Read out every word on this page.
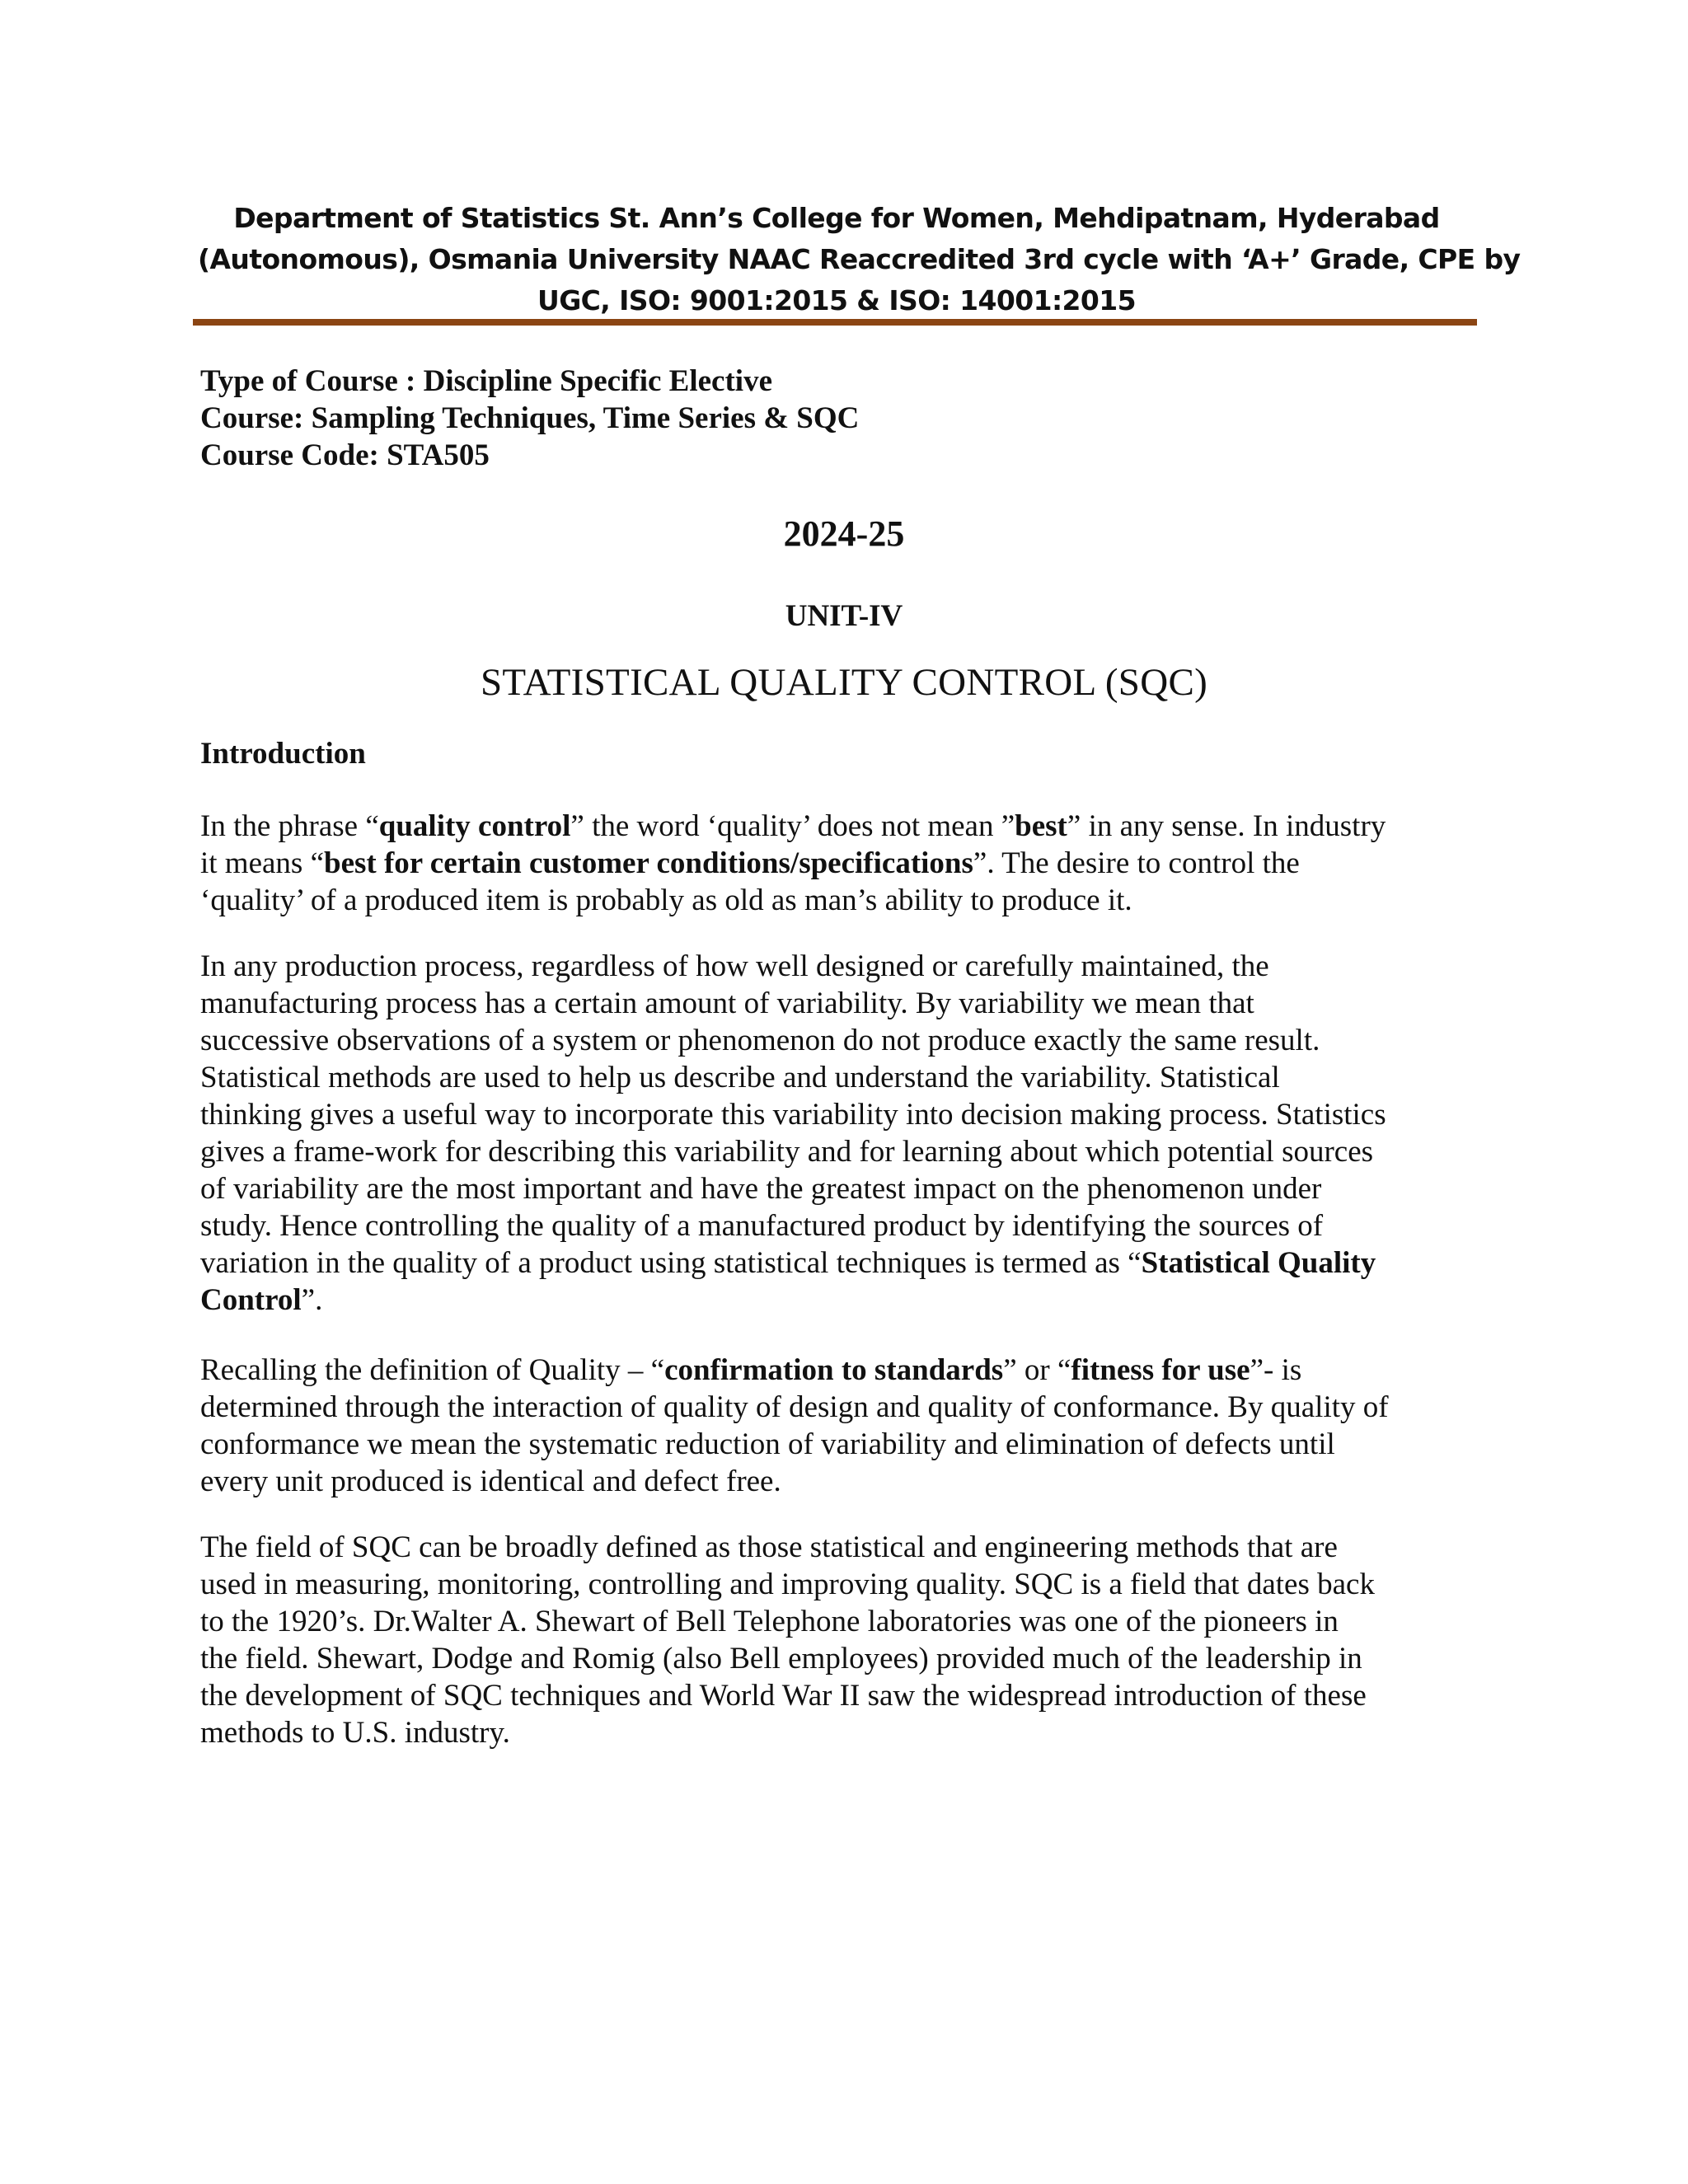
Department of Statistics St. Ann’s College for Women, Mehdipatnam, Hyderabad
(Autonomous), Osmania University NAAC Reaccredited 3rd cycle with ‘A+’ Grade, CPE by
UGC, ISO: 9001:2015 & ISO: 14001:2015
Type of Course : Discipline Specific Elective
Course: Sampling Techniques, Time Series & SQC
Course Code: STA505
2024-25
UNIT-IV
STATISTICAL QUALITY CONTROL (SQC)
Introduction
In the phrase “quality control” the word ‘quality’ does not mean ”best” in any sense. In industry
it means “best for certain customer conditions/specifications”. The desire to control the
‘quality’ of a produced item is probably as old as man’s ability to produce it.
In any production process, regardless of how well designed or carefully maintained, the
manufacturing process has a certain amount of variability. By variability we mean that
successive observations of a system or phenomenon do not produce exactly the same result.
Statistical methods are used to help us describe and understand the variability. Statistical
thinking gives a useful way to incorporate this variability into decision making process. Statistics
gives a frame-work for describing this variability and for learning about which potential sources
of variability are the most important and have the greatest impact on the phenomenon under
study. Hence controlling the quality of a manufactured product by identifying the sources of
variation in the quality of a product using statistical techniques is termed as “Statistical Quality
Control”.
Recalling the definition of Quality – “confirmation to standards” or “fitness for use”- is
determined through the interaction of quality of design and quality of conformance. By quality of
conformance we mean the systematic reduction of variability and elimination of defects until
every unit produced is identical and defect free.
The field of SQC can be broadly defined as those statistical and engineering methods that are
used in measuring, monitoring, controlling and improving quality. SQC is a field that dates back
to the 1920’s. Dr.Walter A. Shewart of Bell Telephone laboratories was one of the pioneers in
the field. Shewart, Dodge and Romig (also Bell employees) provided much of the leadership in
the development of SQC techniques and World War II saw the widespread introduction of these
methods to U.S. industry.
